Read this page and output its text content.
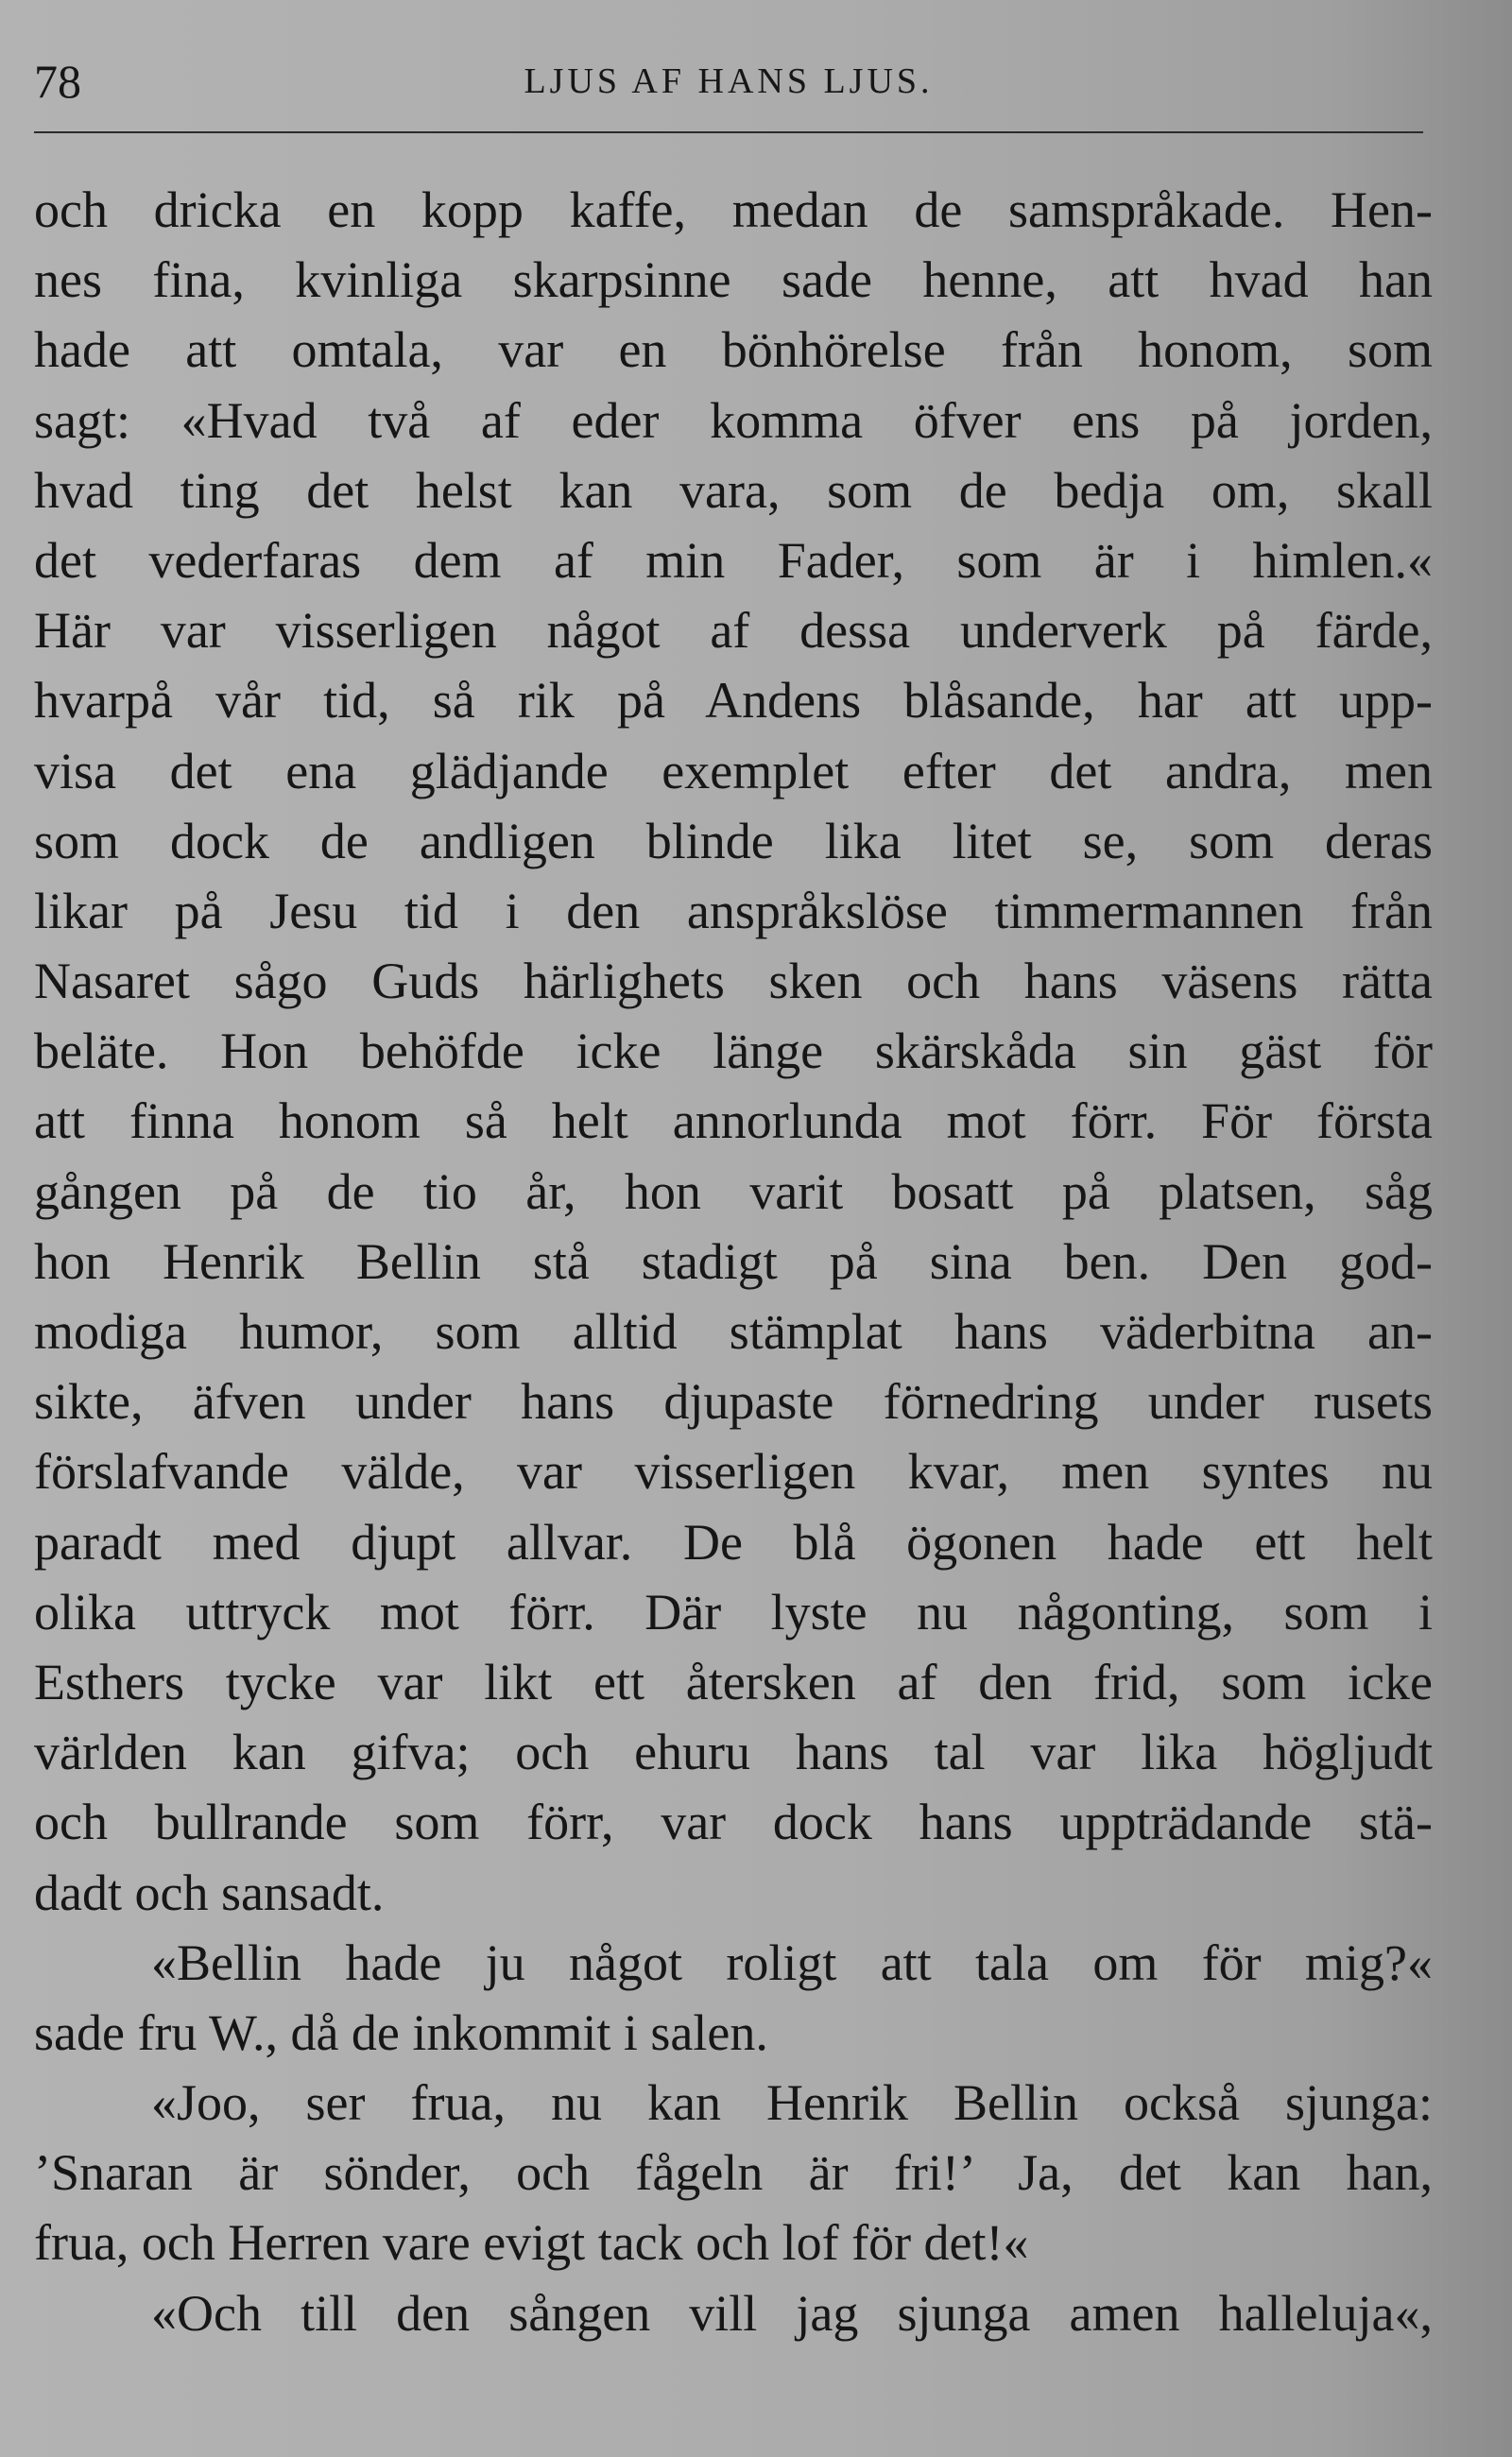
78	LJUS AF HANS LJUS.
och dricka en kopp kaffe, medan de samspråkade. Hen-
nes fina, kvinliga skarpsinne sade henne, att hvad han
hade att omtala, var en bönhörelse från honom, som
sagt: «Hvad två af eder komma öfver ens på jorden,
hvad ting det helst kan vara, som de bedja om, skall
det vederfaras dem af min Fader, som är i himlen.«
Här var visserligen något af dessa underverk på färde,
hvarpå vår tid, så rik på Andens blåsande, har att upp-
visa det ena glädjande exemplet efter det andra, men
som dock de andligen blinde lika litet se, som deras
likar på Jesu tid i den anspråkslöse timmermannen från
Nasaret sågo Guds härlighets sken och hans väsens rätta
beläte. Hon behöfde icke länge skärskåda sin gäst för
att finna honom så helt annorlunda mot förr. För första
gången på de tio år, hon varit bosatt på platsen, såg
hon Henrik Bellin stå stadigt på sina ben. Den god-
modiga humor, som alltid stämplat hans väderbitna an-
sikte, äfven under hans djupaste förnedring under rusets
förslafvande välde, var visserligen kvar, men syntes nu
paradt med djupt allvar. De blå ögonen hade ett helt
olika uttryck mot förr. Där lyste nu någonting, som i
Esthers tycke var likt ett återsken af den frid, som icke
världen kan gifva; och ehuru hans tal var lika högljudt
och bullrande som förr, var dock hans uppträdande stä-
dadt och sansadt.
«Bellin hade ju något roligt att tala om för mig?«
sade fru W., då de inkommit i salen.
«Joo, ser frua, nu kan Henrik Bellin också sjunga:
’Snaran är sönder, och fågeln är fri!’ Ja, det kan han,
frua, och Herren vare evigt tack och lof för det!«
«Och till den sången vill jag sjunga amen halleluja«,
